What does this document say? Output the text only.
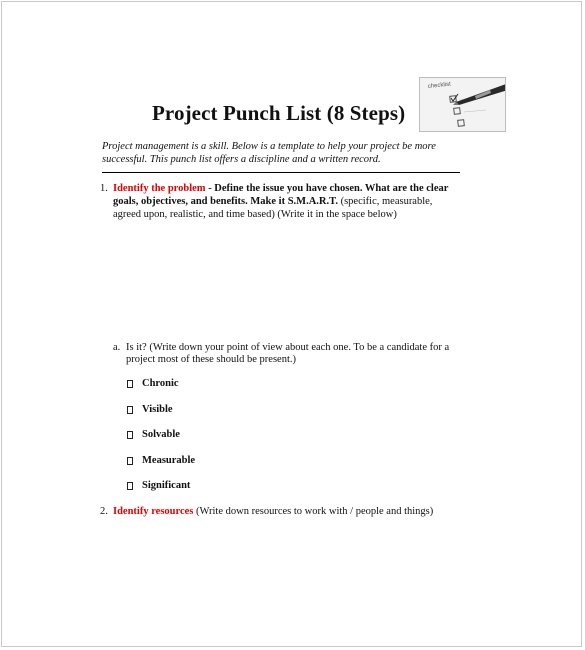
Project Punch List (8 Steps)
checklist
Project management is a skill. Below is a template to help your project be more successful. This punch list offers a discipline and a written record.
1. Identify the problem - Define the issue you have chosen. What are the clear goals, objectives, and benefits. Make it S.M.A.R.T. (specific, measurable, agreed upon, realistic, and time based) (Write it in the space below)
a. Is it? (Write down your point of view about each one. To be a candidate for a project most of these should be present.)
Chronic
Visible
Solvable
Measurable
Significant
2. Identify resources (Write down resources to work with / people and things)
